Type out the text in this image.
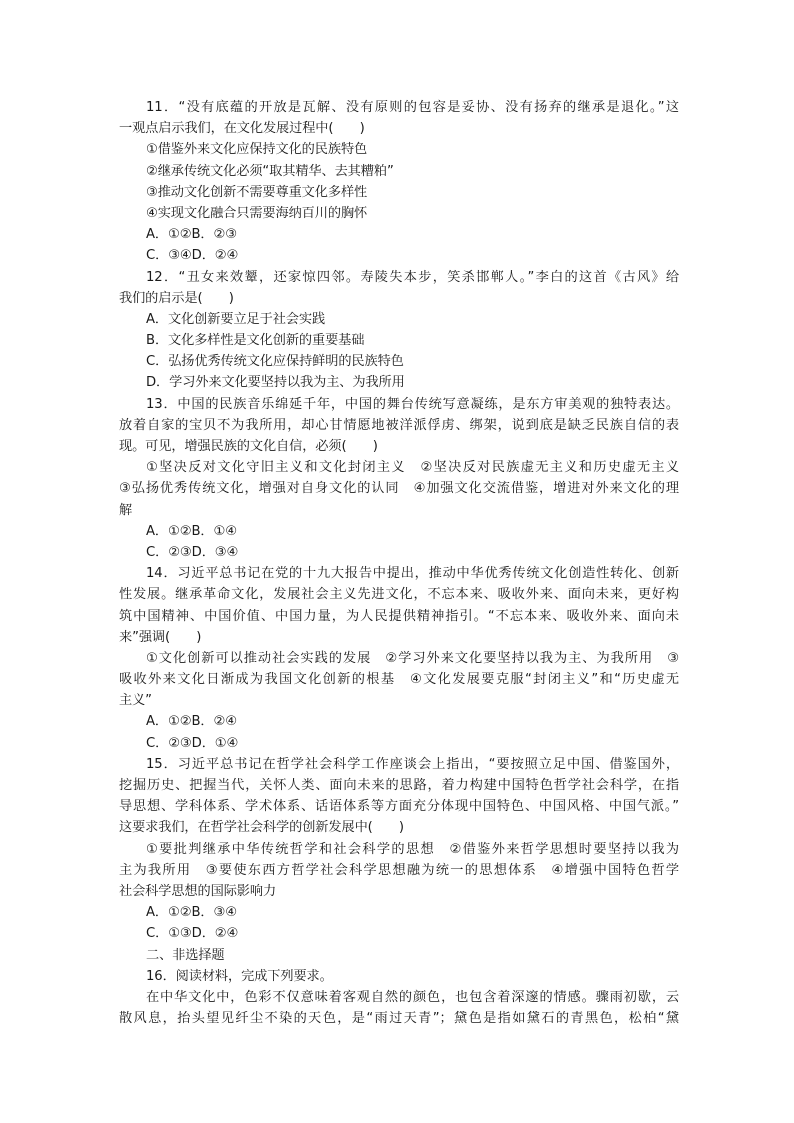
11．“没有底蕴的开放是瓦解、没有原则的包容是妥协、没有扬弃的继承是退化。”这
一观点启示我们，在文化发展过程中(　　)
①借鉴外来文化应保持文化的民族特色
②继承传统文化必须“取其精华、去其糟粕”
③推动文化创新不需要尊重文化多样性
④实现文化融合只需要海纳百川的胸怀
A．①②B．②③
C．③④D．②④
12．“丑女来效颦，还家惊四邻。寿陵失本步，笑杀邯郸人。”李白的这首《古风》给
我们的启示是(　　)
A．文化创新要立足于社会实践
B．文化多样性是文化创新的重要基础
C．弘扬优秀传统文化应保持鲜明的民族特色
D．学习外来文化要坚持以我为主、为我所用
13．中国的民族音乐绵延千年，中国的舞台传统写意凝练，是东方审美观的独特表达。
放着自家的宝贝不为我所用，却心甘情愿地被洋派俘虏、绑架，说到底是缺乏民族自信的表
现。可见，增强民族的文化自信，必须(　　)
①坚决反对文化守旧主义和文化封闭主义　②坚决反对民族虚无主义和历史虚无主义
③弘扬优秀传统文化，增强对自身文化的认同　④加强文化交流借鉴，增进对外来文化的理
解
A．①②B．①④
C．②③D．③④
14．习近平总书记在党的十九大报告中提出，推动中华优秀传统文化创造性转化、创新
性发展。继承革命文化，发展社会主义先进文化，不忘本来、吸收外来、面向未来，更好构
筑中国精神、中国价值、中国力量，为人民提供精神指引。“不忘本来、吸收外来、面向未
来”强调(　　)
①文化创新可以推动社会实践的发展　②学习外来文化要坚持以我为主、为我所用　③
吸收外来文化日渐成为我国文化创新的根基　④文化发展要克服“封闭主义”和“历史虚无
主义”
A．①②B．②④
C．②③D．①④
15．习近平总书记在哲学社会科学工作座谈会上指出，“要按照立足中国、借鉴国外，
挖掘历史、把握当代，关怀人类、面向未来的思路，着力构建中国特色哲学社会科学，在指
导思想、学科体系、学术体系、话语体系等方面充分体现中国特色、中国风格、中国气派。”
这要求我们，在哲学社会科学的创新发展中(　　)
①要批判继承中华传统哲学和社会科学的思想　②借鉴外来哲学思想时要坚持以我为
主为我所用　③要使东西方哲学社会科学思想融为统一的思想体系　④增强中国特色哲学
社会科学思想的国际影响力
A．①②B．③④
C．①③D．②④
二、非选择题
16．阅读材料，完成下列要求。
在中华文化中，色彩不仅意味着客观自然的颜色，也包含着深邃的情感。骤雨初歇，云
散风息，抬头望见纤尘不染的天色，是“雨过天青”；黛色是指如黛石的青黑色，松柏“黛
